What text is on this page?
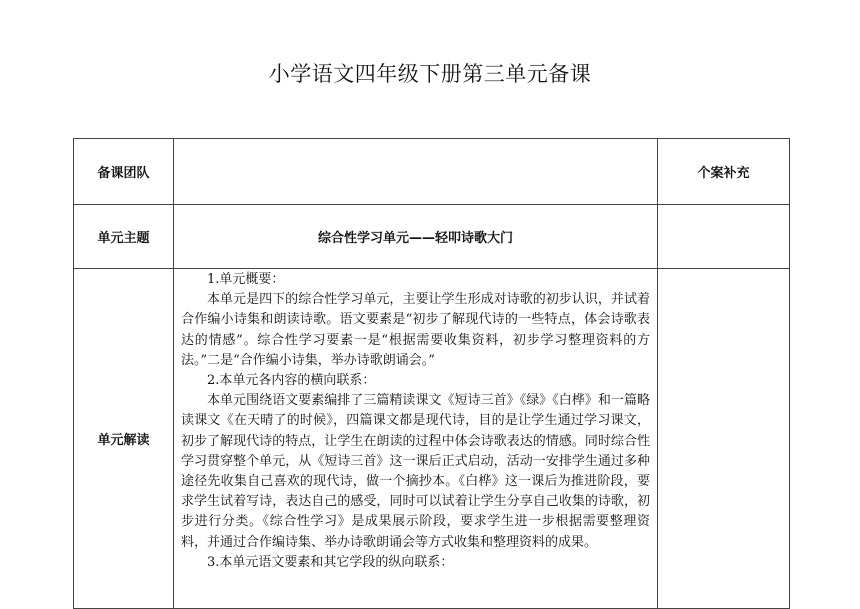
小学语文四年级下册第三单元备课
备课团队		个案补充
单元主题	综合性学习单元——轻叩诗歌大门	
单元解读	1.单元概要：

本单元是四下的综合性学习单元，主要让学生形成对诗歌的初步认识，并试着合作编小诗集和朗读诗歌。语文要素是“初步了解现代诗的一些特点，体会诗歌表达的情感”。综合性学习要素一是“根据需要收集资料，初步学习整理资料的方法。”二是“合作编小诗集，举办诗歌朗诵会。”

2.本单元各内容的横向联系：

本单元围绕语文要素编排了三篇精读课文《短诗三首》《绿》《白桦》和一篇略读课文《在天晴了的时候》，四篇课文都是现代诗，目的是让学生通过学习课文，初步了解现代诗的特点，让学生在朗读的过程中体会诗歌表达的情感。同时综合性学习贯穿整个单元，从《短诗三首》这一课后正式启动，活动一安排学生通过多种途径先收集自己喜欢的现代诗，做一个摘抄本。《白桦》这一课后为推进阶段，要求学生试着写诗，表达自己的感受，同时可以试着让学生分享自己收集的诗歌，初步进行分类。《综合性学习》是成果展示阶段，要求学生进一步根据需要整理资料，并通过合作编诗集、举办诗歌朗诵会等方式收集和整理资料的成果。

3.本单元语文要素和其它学段的纵向联系：	
